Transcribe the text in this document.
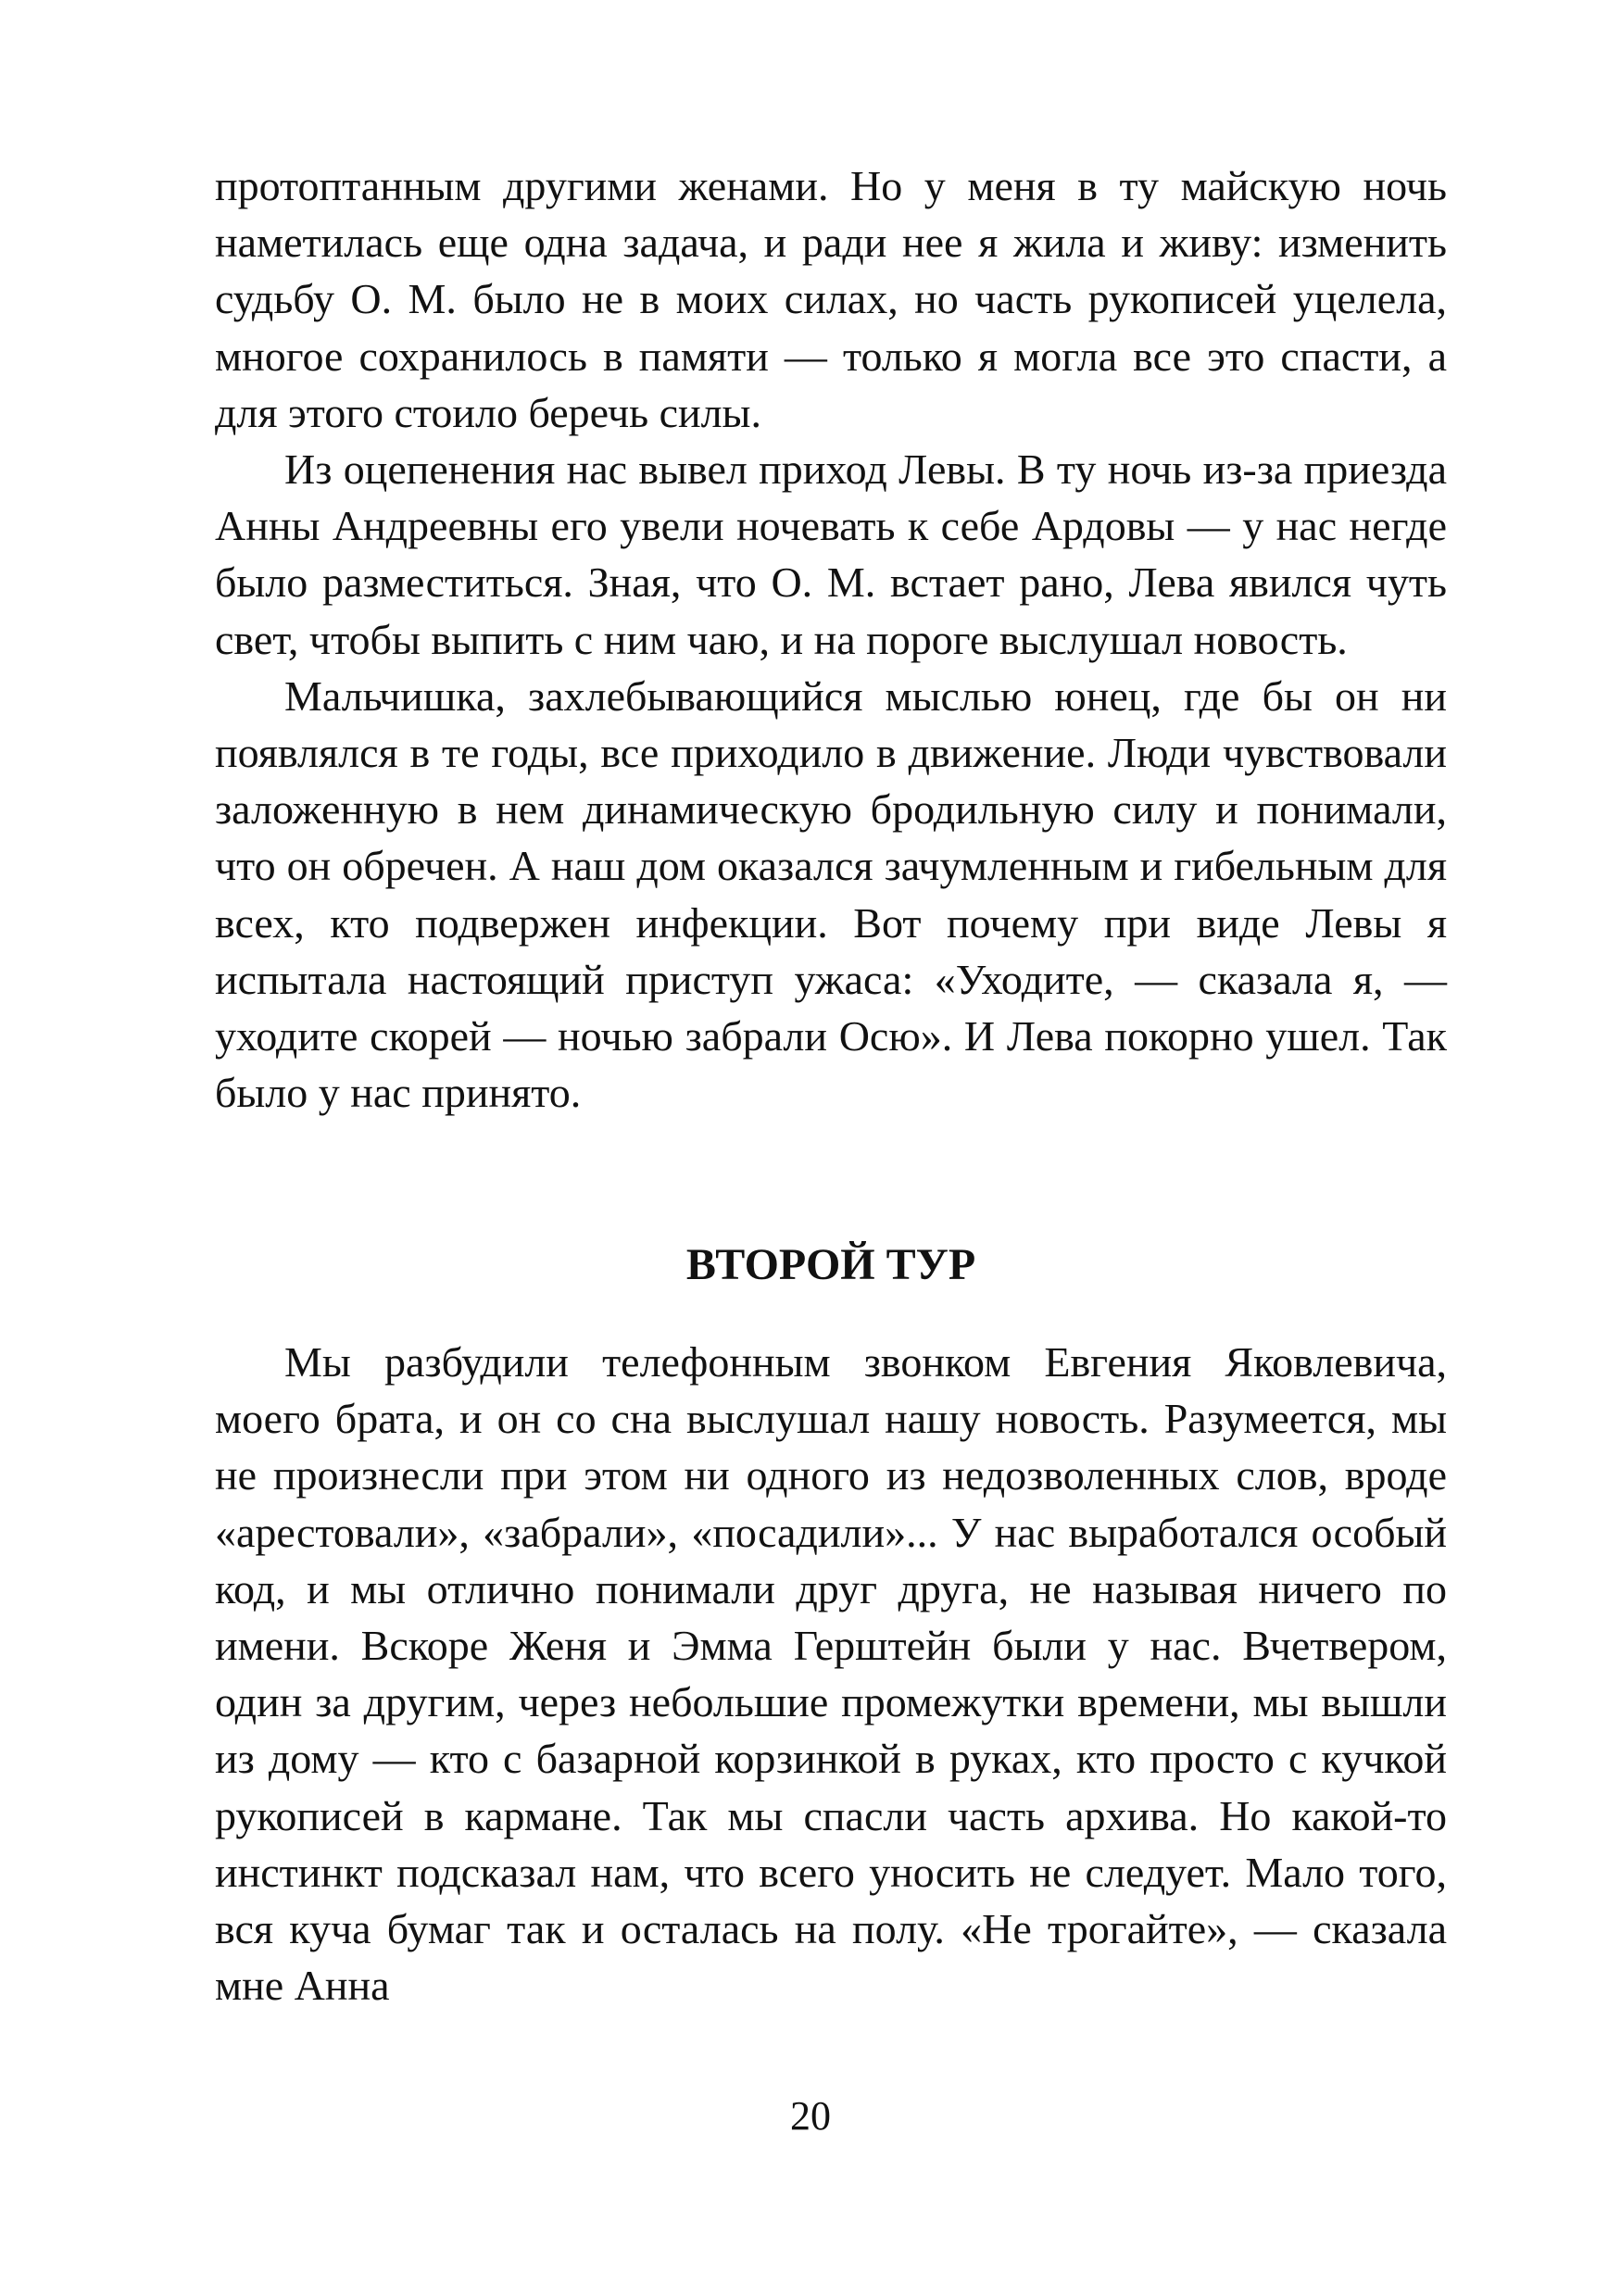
протоптанным другими женами. Но у меня в ту майскую ночь наметилась еще одна задача, и ради нее я жила и живу: изменить судьбу О. М. было не в моих силах, но часть рукописей уцелела, многое сохранилось в памяти — только я могла все это спасти, а для этого стоило беречь силы.

Из оцепенения нас вывел приход Левы. В ту ночь из-за приезда Анны Андреевны его увели ночевать к себе Ардовы — у нас негде было разместиться. Зная, что О. М. встает рано, Лева явился чуть свет, чтобы выпить с ним чаю, и на пороге выслушал новость.

Мальчишка, захлебывающийся мыслью юнец, где бы он ни появлялся в те годы, все приходило в движение. Люди чувствовали заложенную в нем динамическую бродильную силу и понимали, что он обречен. А наш дом оказался зачумленным и гибельным для всех, кто подвержен инфекции. Вот почему при виде Левы я испытала настоящий приступ ужаса: «Уходите, — сказала я, — уходите скорей — ночью забрали Осю». И Лева покорно ушел. Так было у нас принято.

ВТОРОЙ ТУР

Мы разбудили телефонным звонком Евгения Яковлевича, моего брата, и он со сна выслушал нашу новость. Разумеется, мы не произнесли при этом ни одного из недозволенных слов, вроде «арестовали», «забрали», «посадили»... У нас выработался особый код, и мы отлично понимали друг друга, не называя ничего по имени. Вскоре Женя и Эмма Герштейн были у нас. Вчетвером, один за другим, через небольшие промежутки времени, мы вышли из дому — кто с базарной корзинкой в руках, кто просто с кучкой рукописей в кармане. Так мы спасли часть архива. Но какой-то инстинкт подсказал нам, что всего уносить не следует. Мало того, вся куча бумаг так и осталась на полу. «Не трогайте», — сказала мне Анна

20
